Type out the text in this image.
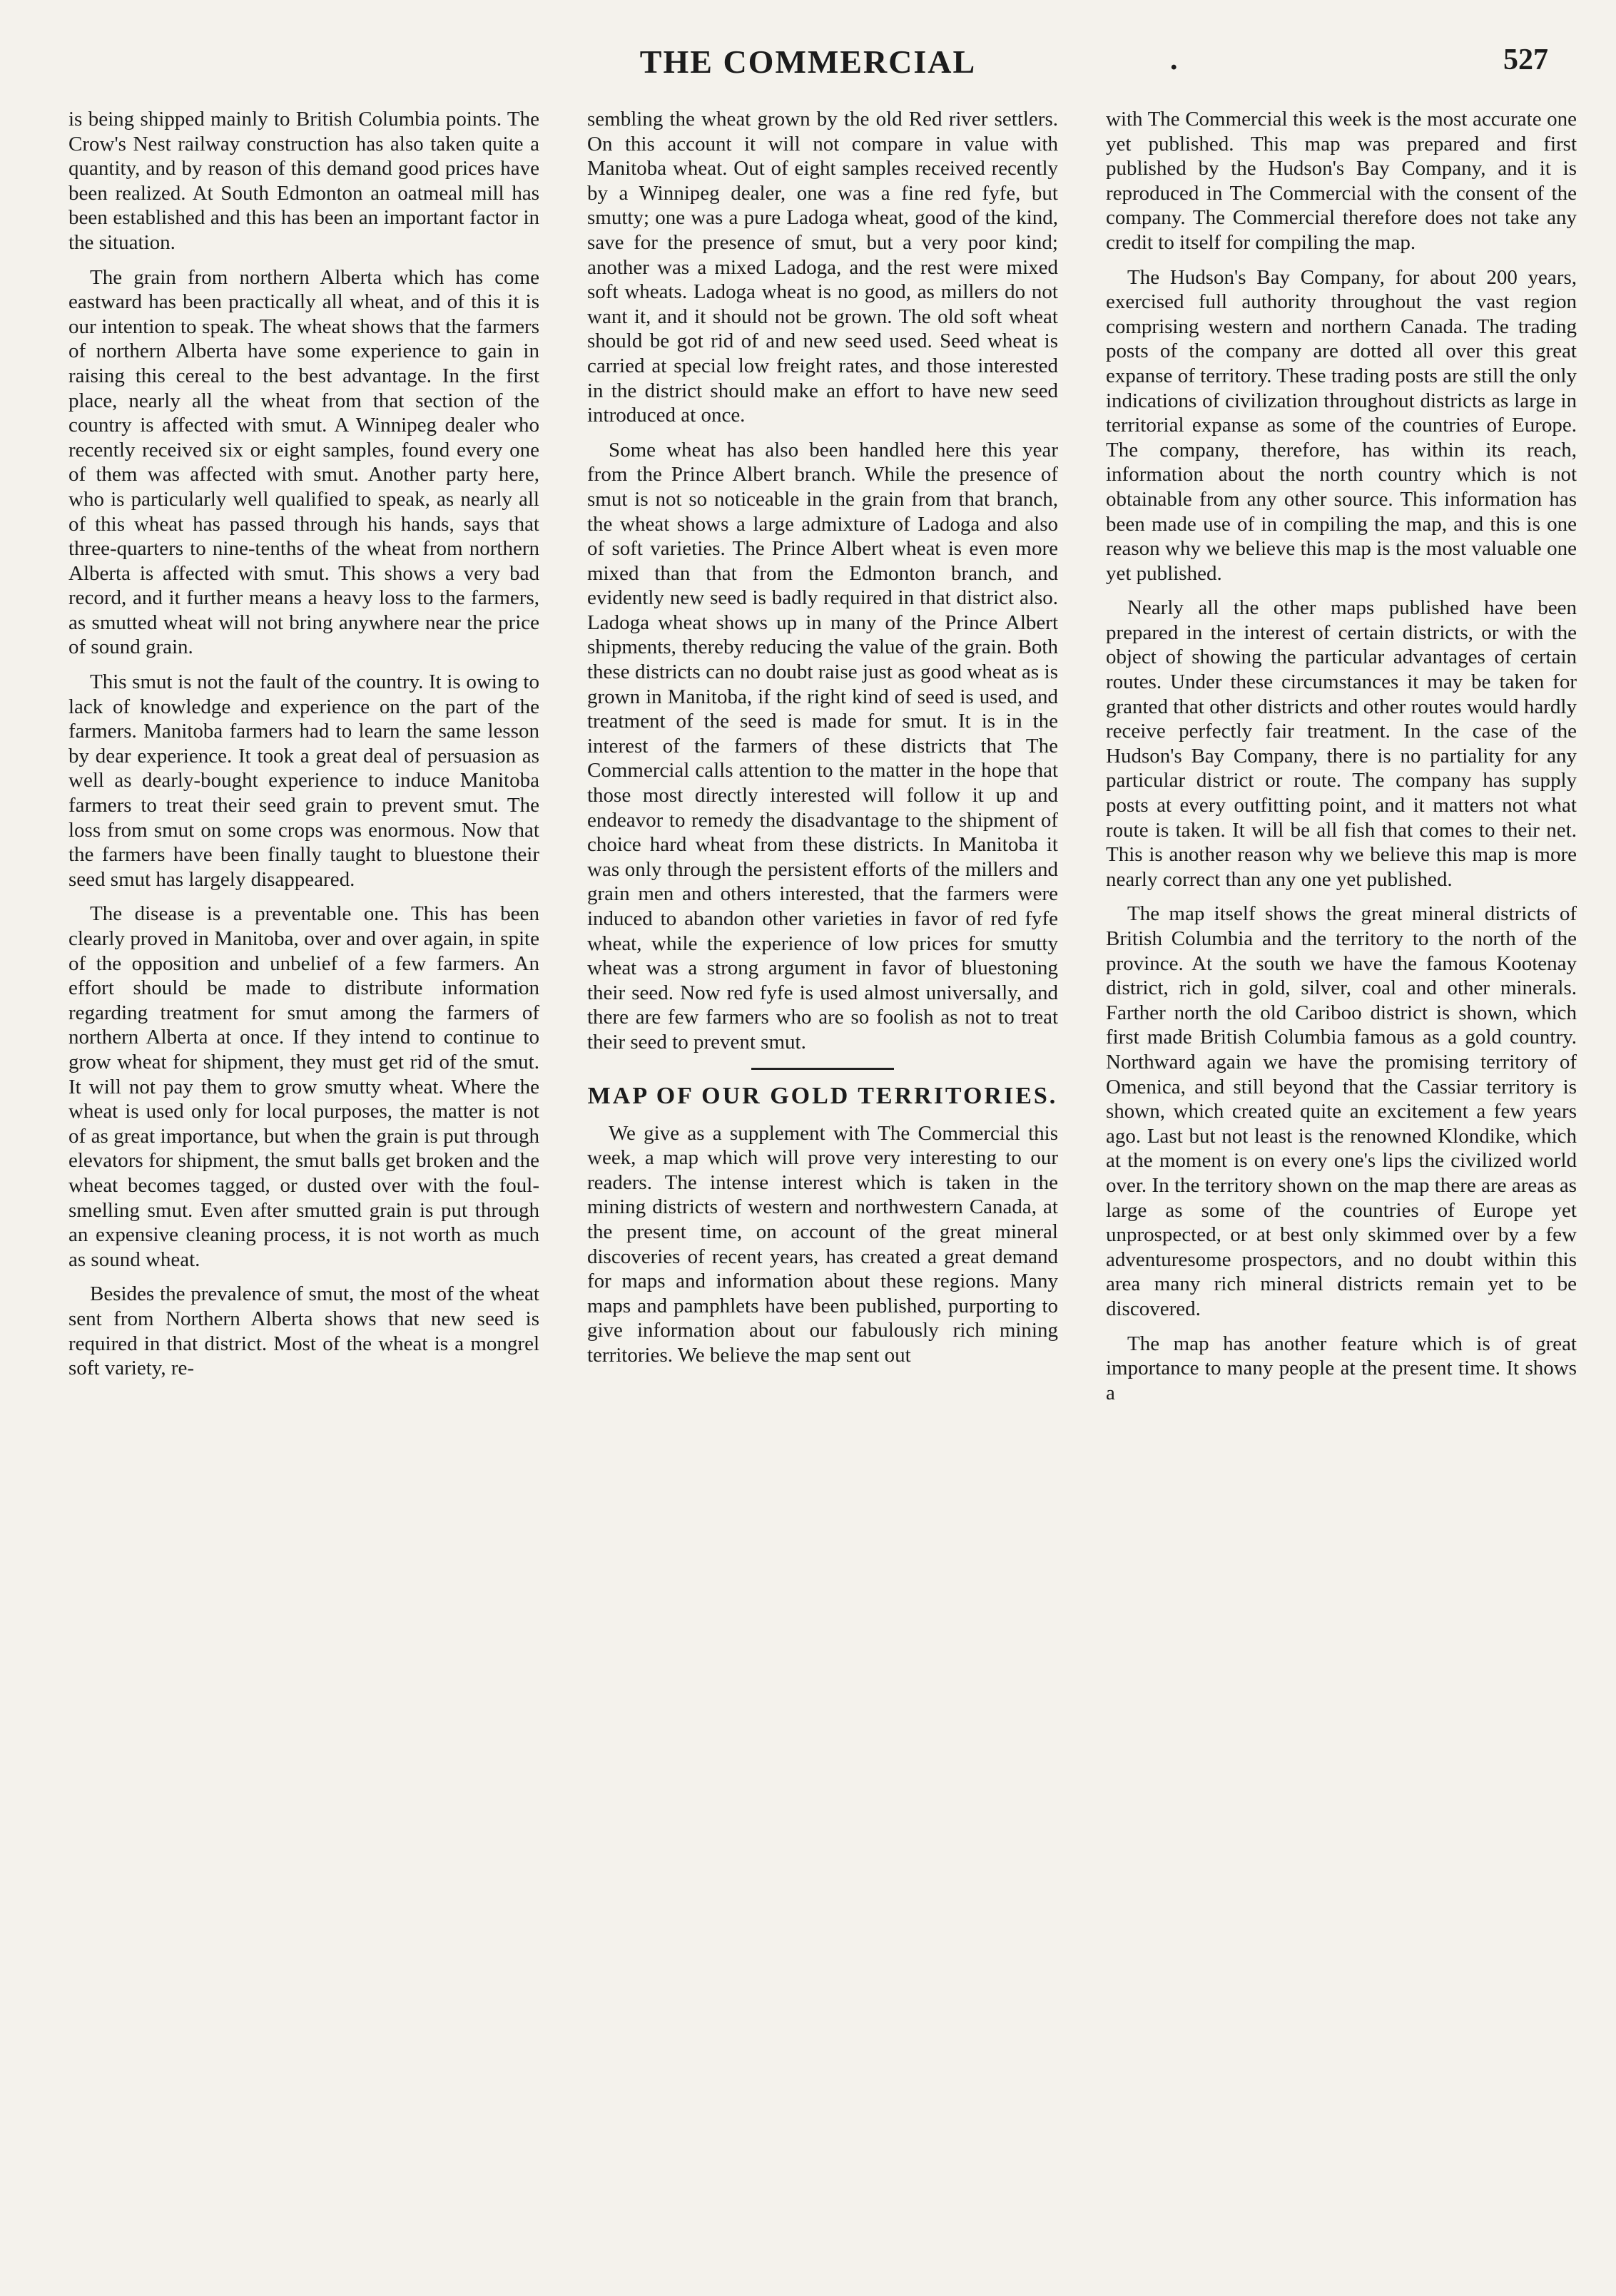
THE COMMERCIAL	.	527

is being shipped mainly to British Columbia points. The Crow's Nest railway construction has also taken quite a quantity, and by reason of this demand good prices have been realized. At South Edmonton an oatmeal mill has been established and this has been an important factor in the situation.

The grain from northern Alberta which has come eastward has been practically all wheat, and of this it is our intention to speak. The wheat shows that the farmers of northern Alberta have some experience to gain in raising this cereal to the best advantage. In the first place, nearly all the wheat from that section of the country is affected with smut. A Winnipeg dealer who recently received six or eight samples, found every one of them was affected with smut. Another party here, who is particularly well qualified to speak, as nearly all of this wheat has passed through his hands, says that three-quarters to nine-tenths of the wheat from northern Alberta is affected with smut. This shows a very bad record, and it further means a heavy loss to the farmers, as smutted wheat will not bring anywhere near the price of sound grain.

This smut is not the fault of the country. It is owing to lack of knowledge and experience on the part of the farmers. Manitoba farmers had to learn the same lesson by dear experience. It took a great deal of persuasion as well as dearly-bought experience to induce Manitoba farmers to treat their seed grain to prevent smut. The loss from smut on some crops was enormous. Now that the farmers have been finally taught to bluestone their seed smut has largely disappeared.

The disease is a preventable one. This has been clearly proved in Manitoba, over and over again, in spite of the opposition and unbelief of a few farmers. An effort should be made to distribute information regarding treatment for smut among the farmers of northern Alberta at once. If they intend to continue to grow wheat for shipment, they must get rid of the smut. It will not pay them to grow smutty wheat. Where the wheat is used only for local purposes, the matter is not of as great importance, but when the grain is put through elevators for shipment, the smut balls get broken and the wheat becomes tagged, or dusted over with the foul-smelling smut. Even after smutted grain is put through an expensive cleaning process, it is not worth as much as sound wheat.

Besides the prevalence of smut, the most of the wheat sent from Northern Alberta shows that new seed is required in that district. Most of the wheat is a mongrel soft variety, re-

sembling the wheat grown by the old Red river settlers. On this account it will not compare in value with Manitoba wheat. Out of eight samples received recently by a Winnipeg dealer, one was a fine red fyfe, but smutty; one was a pure Ladoga wheat, good of the kind, save for the presence of smut, but a very poor kind; another was a mixed Ladoga, and the rest were mixed soft wheats. Ladoga wheat is no good, as millers do not want it, and it should not be grown. The old soft wheat should be got rid of and new seed used. Seed wheat is carried at special low freight rates, and those interested in the district should make an effort to have new seed introduced at once.

Some wheat has also been handled here this year from the Prince Albert branch. While the presence of smut is not so noticeable in the grain from that branch, the wheat shows a large admixture of Ladoga and also of soft varieties. The Prince Albert wheat is even more mixed than that from the Edmonton branch, and evidently new seed is badly required in that district also. Ladoga wheat shows up in many of the Prince Albert shipments, thereby reducing the value of the grain. Both these districts can no doubt raise just as good wheat as is grown in Manitoba, if the right kind of seed is used, and treatment of the seed is made for smut. It is in the interest of the farmers of these districts that The Commercial calls attention to the matter in the hope that those most directly interested will follow it up and endeavor to remedy the disadvantage to the shipment of choice hard wheat from these districts. In Manitoba it was only through the persistent efforts of the millers and grain men and others interested, that the farmers were induced to abandon other varieties in favor of red fyfe wheat, while the experience of low prices for smutty wheat was a strong argument in favor of bluestoning their seed. Now red fyfe is used almost universally, and there are few farmers who are so foolish as not to treat their seed to prevent smut.

MAP OF OUR GOLD TERRITORIES.

We give as a supplement with The Commercial this week, a map which will prove very interesting to our readers. The intense interest which is taken in the mining districts of western and northwestern Canada, at the present time, on account of the great mineral discoveries of recent years, has created a great demand for maps and information about these regions. Many maps and pamphlets have been published, purporting to give information about our fabulously rich mining territories. We believe the map sent out

with The Commercial this week is the most accurate one yet published. This map was prepared and first published by the Hudson's Bay Company, and it is reproduced in The Commercial with the consent of the company. The Commercial therefore does not take any credit to itself for compiling the map.

The Hudson's Bay Company, for about 200 years, exercised full authority throughout the vast region comprising western and northern Canada. The trading posts of the company are dotted all over this great expanse of territory. These trading posts are still the only indications of civilization throughout districts as large in territorial expanse as some of the countries of Europe. The company, therefore, has within its reach, information about the north country which is not obtainable from any other source. This information has been made use of in compiling the map, and this is one reason why we believe this map is the most valuable one yet published.

Nearly all the other maps published have been prepared in the interest of certain districts, or with the object of showing the particular advantages of certain routes. Under these circumstances it may be taken for granted that other districts and other routes would hardly receive perfectly fair treatment. In the case of the Hudson's Bay Company, there is no partiality for any particular district or route. The company has supply posts at every outfitting point, and it matters not what route is taken. It will be all fish that comes to their net. This is another reason why we believe this map is more nearly correct than any one yet published.

The map itself shows the great mineral districts of British Columbia and the territory to the north of the province. At the south we have the famous Kootenay district, rich in gold, silver, coal and other minerals. Farther north the old Cariboo district is shown, which first made British Columbia famous as a gold country. Northward again we have the promising territory of Omenica, and still beyond that the Cassiar territory is shown, which created quite an excitement a few years ago. Last but not least is the renowned Klondike, which at the moment is on every one's lips the civilized world over. In the territory shown on the map there are areas as large as some of the countries of Europe yet unprospected, or at best only skimmed over by a few adventuresome prospectors, and no doubt within this area many rich mineral districts remain yet to be discovered.

The map has another feature which is of great importance to many people at the present time. It shows a
